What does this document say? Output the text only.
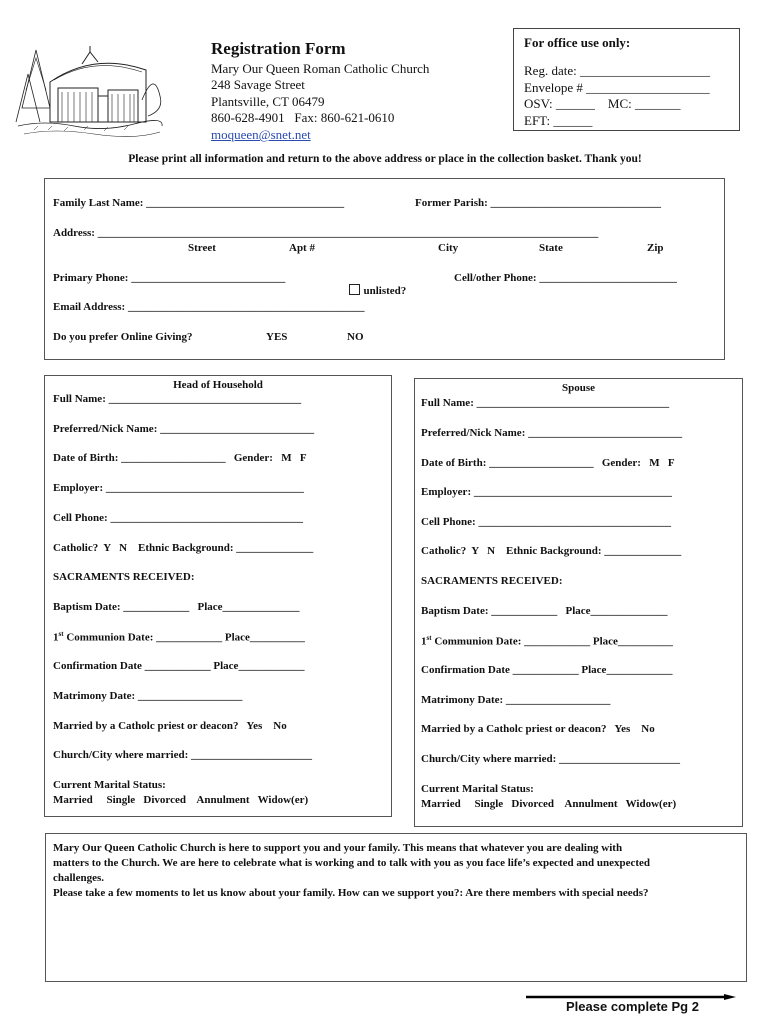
Registration Form
Mary Our Queen Roman Catholic Church
248 Savage Street
Plantsville, CT 06479
860-628-4901   Fax: 860-621-0610
moqueen@snet.net
For office use only:
Reg. date: ____________________
Envelope # ___________________
OSV: ______    MC: _______
EFT: ______
Please print all information and return to the above address or place in the collection basket. Thank you!
Family Last Name: ____________________________________	Former Parish: _______________________________
Address: ___________________________________________________________________________________________
Street	Apt #	City	State	Zip
Primary Phone: ____________________________

unlisted?

Cell/other Phone: _________________________
Email Address: ___________________________________________
Do you prefer Online Giving?	YES	NO
Head of Household
Full Name: ___________________________________
Preferred/Nick Name: ____________________________
Date of Birth: ___________________   Gender:   M   F
Employer: ____________________________________
Cell Phone: ___________________________________
Catholic?  Y   N    Ethnic Background: ______________
SACRAMENTS RECEIVED:
Baptism Date: ____________   Place______________
1st Communion Date: ____________ Place__________
Confirmation Date ____________ Place____________
Matrimony Date: ___________________
Married by a Catholc priest or deacon?   Yes    No
Church/City where married: ______________________
Current Marital Status:
Married     Single   Divorced    Annulment   Widow(er)
Spouse
Full Name: ___________________________________
Preferred/Nick Name: ____________________________
Date of Birth: ___________________   Gender:   M   F
Employer: ____________________________________
Cell Phone: ___________________________________
Catholic?  Y   N    Ethnic Background: ______________
SACRAMENTS RECEIVED:
Baptism Date: ____________   Place______________
1st Communion Date: ____________ Place__________
Confirmation Date ____________ Place____________
Matrimony Date: ___________________
Married by a Catholc priest or deacon?   Yes    No
Church/City where married: ______________________
Current Marital Status:
Married     Single   Divorced    Annulment   Widow(er)
Mary Our Queen Catholic Church is here to support you and your family. This means that whatever you are dealing with
matters to the Church. We are here to celebrate what is working and to talk with you as you face life’s expected and unexpected
challenges.
Please take a few moments to let us know about your family. How can we support you?: Are there members with special needs?
Please complete Pg 2
